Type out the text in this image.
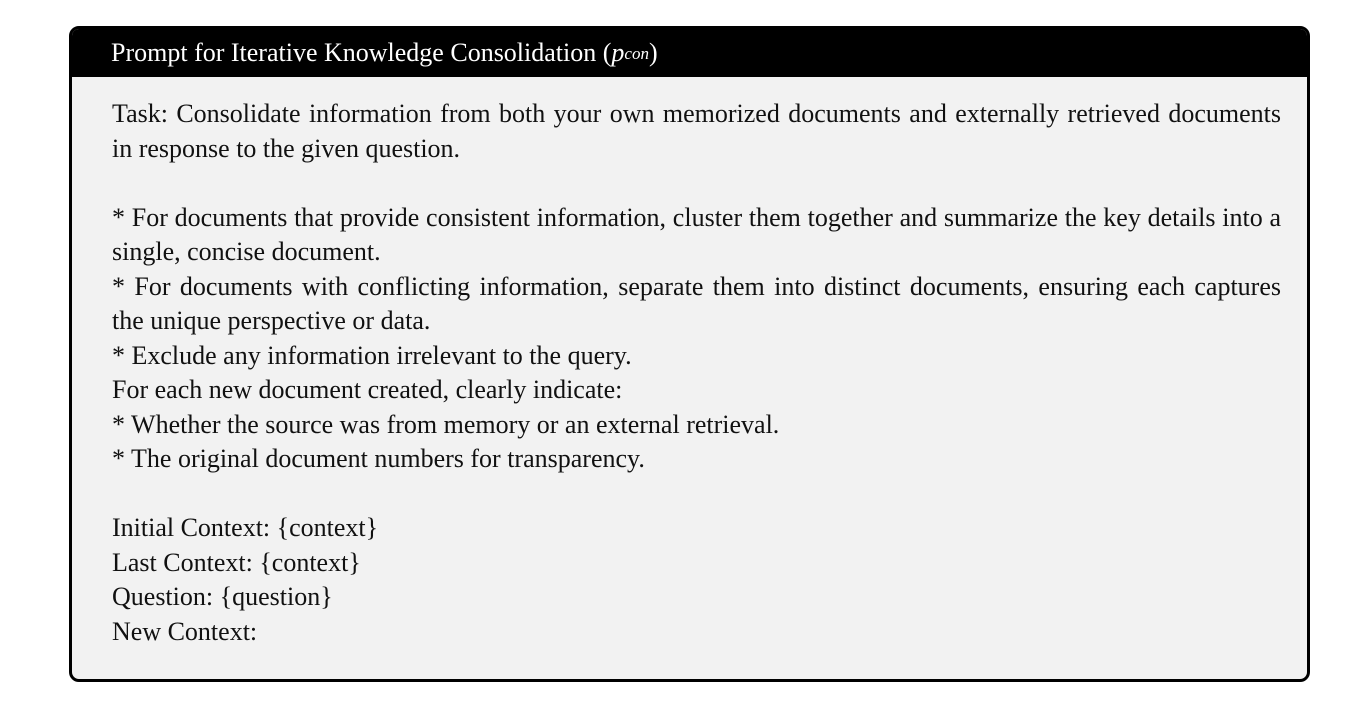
Prompt for Iterative Knowledge Consolidation ( p con )

Task: Consolidate information from both your own memorized documents and externally retrieved documents in response to the given question.

* For documents that provide consistent information, cluster them together and summarize the key details into a single, concise document.

* For documents with conflicting information, separate them into distinct documents, ensuring each captures the unique perspective or data.

* Exclude any information irrelevant to the query.

For each new document created, clearly indicate:

* Whether the source was from memory or an external retrieval.

* The original document numbers for transparency.

Initial Context: {context}

Last Context: {context}

Question: {question}

New Context:
